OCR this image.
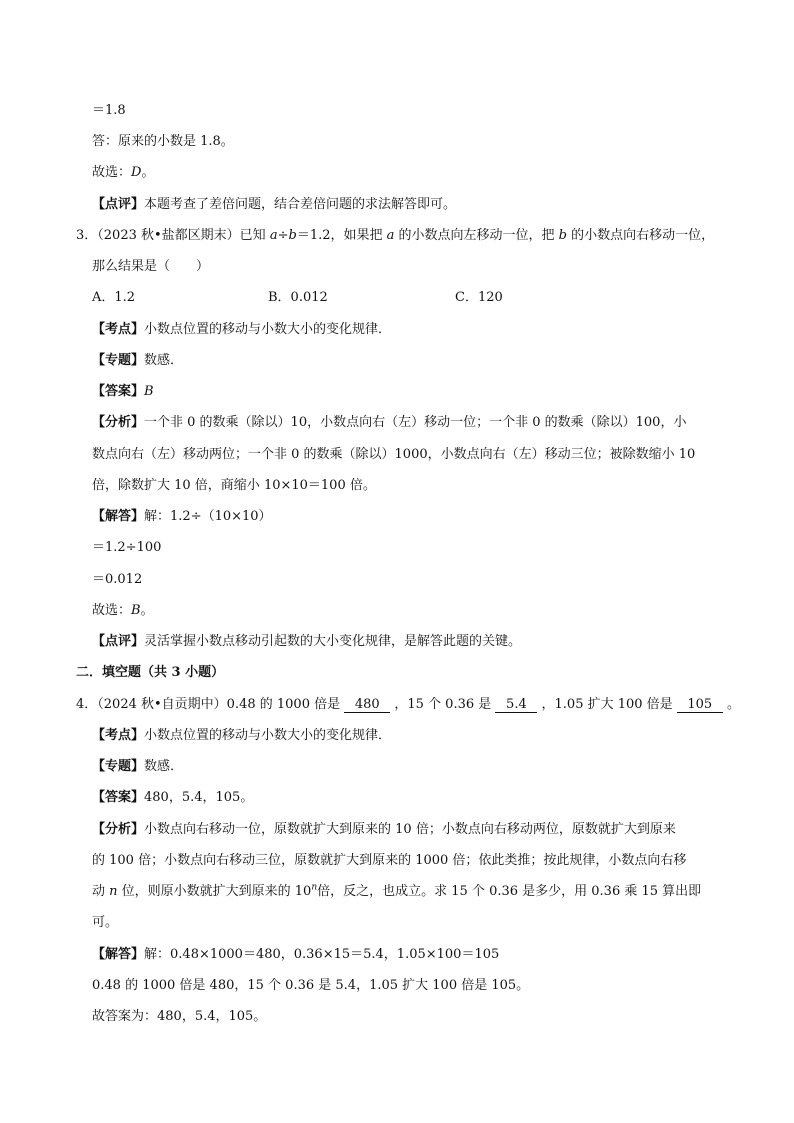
＝1.8
答：原来的小数是 1.8。
故选：D。
【点评】本题考查了差倍问题，结合差倍问题的求法解答即可。
3．（2023 秋•盐都区期末）已知 a÷b＝1.2，如果把 a 的小数点向左移动一位，把 b 的小数点向右移动一位，
那么结果是（　　）
A．1.2	B．0.012	C．120
【考点】小数点位置的移动与小数大小的变化规律．
【专题】数感．
【答案】B
【分析】一个非 0 的数乘（除以）10，小数点向右（左）移动一位；一个非 0 的数乘（除以）100，小
数点向右（左）移动两位；一个非 0 的数乘（除以）1000，小数点向右（左）移动三位；被除数缩小 10
倍，除数扩大 10 倍，商缩小 10×10＝100 倍。
【解答】解：1.2÷（10×10）
＝1.2÷100
＝0.012
故选：B。
【点评】灵活掌握小数点移动引起数的大小变化规律，是解答此题的关键。
二．填空题（共 3 小题）
4．（2024 秋•自贡期中）0.48 的 1000 倍是 480 ，15 个 0.36 是 5.4 ，1.05 扩大 100 倍是 105 。
【考点】小数点位置的移动与小数大小的变化规律．
【专题】数感．
【答案】480，5.4，105。
【分析】小数点向右移动一位，原数就扩大到原来的 10 倍；小数点向右移动两位，原数就扩大到原来
的 100 倍；小数点向右移动三位，原数就扩大到原来的 1000 倍；依此类推；按此规律，小数点向右移
动 n 位，则原小数就扩大到原来的 10$^n$倍，反之，也成立。求 15 个 0.36 是多少，用 0.36 乘 15 算出即
可。
【解答】解：0.48×1000＝480，0.36×15＝5.4，1.05×100＝105
0.48 的 1000 倍是 480，15 个 0.36 是 5.4，1.05 扩大 100 倍是 105。
故答案为：480，5.4，105。
